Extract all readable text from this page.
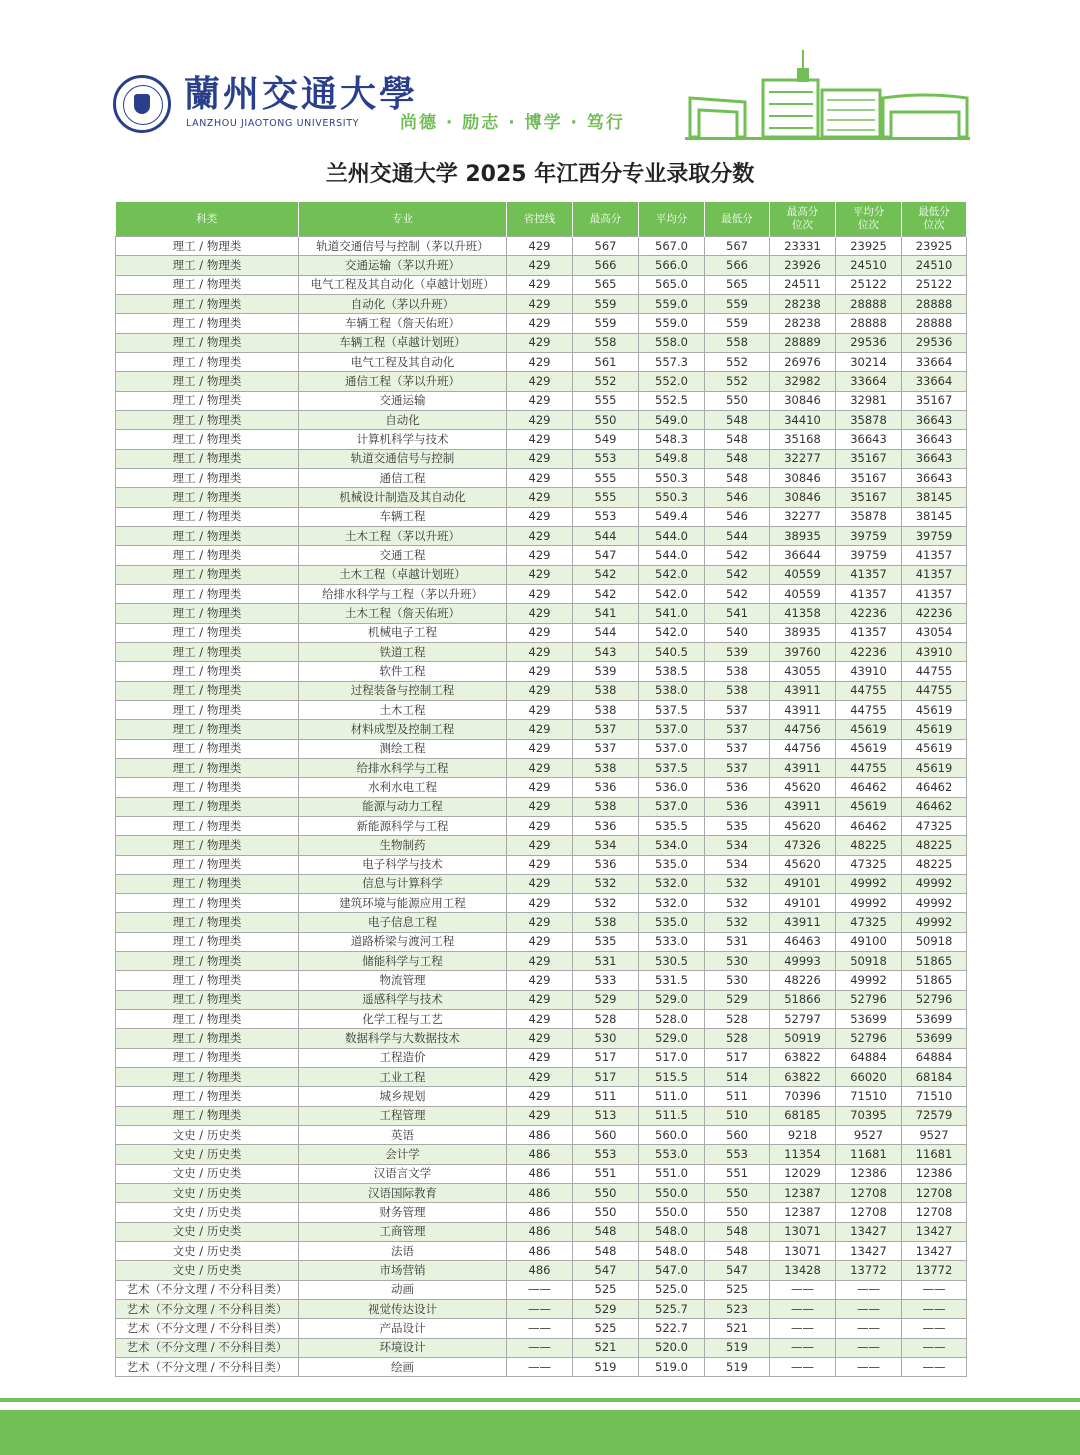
蘭州交通大學
LANZHOU JIAOTONG UNIVERSITY 尚德 · 励志 · 博学 · 笃行
兰州交通大学 2025 年江西分专业录取分数
科类	专业	省控线	最高分	平均分	最低分	最高分位次	平均分位次	最低分位次
理工 / 物理类	轨道交通信号与控制（茅以升班）	429	567	567.0	567	23331	23925	23925
理工 / 物理类	交通运输（茅以升班）	429	566	566.0	566	23926	24510	24510
理工 / 物理类	电气工程及其自动化（卓越计划班）	429	565	565.0	565	24511	25122	25122
理工 / 物理类	自动化（茅以升班）	429	559	559.0	559	28238	28888	28888
理工 / 物理类	车辆工程（詹天佑班）	429	559	559.0	559	28238	28888	28888
理工 / 物理类	车辆工程（卓越计划班）	429	558	558.0	558	28889	29536	29536
理工 / 物理类	电气工程及其自动化	429	561	557.3	552	26976	30214	33664
理工 / 物理类	通信工程（茅以升班）	429	552	552.0	552	32982	33664	33664
理工 / 物理类	交通运输	429	555	552.5	550	30846	32981	35167
理工 / 物理类	自动化	429	550	549.0	548	34410	35878	36643
理工 / 物理类	计算机科学与技术	429	549	548.3	548	35168	36643	36643
理工 / 物理类	轨道交通信号与控制	429	553	549.8	548	32277	35167	36643
理工 / 物理类	通信工程	429	555	550.3	548	30846	35167	36643
理工 / 物理类	机械设计制造及其自动化	429	555	550.3	546	30846	35167	38145
理工 / 物理类	车辆工程	429	553	549.4	546	32277	35878	38145
理工 / 物理类	土木工程（茅以升班）	429	544	544.0	544	38935	39759	39759
理工 / 物理类	交通工程	429	547	544.0	542	36644	39759	41357
理工 / 物理类	土木工程（卓越计划班）	429	542	542.0	542	40559	41357	41357
理工 / 物理类	给排水科学与工程（茅以升班）	429	542	542.0	542	40559	41357	41357
理工 / 物理类	土木工程（詹天佑班）	429	541	541.0	541	41358	42236	42236
理工 / 物理类	机械电子工程	429	544	542.0	540	38935	41357	43054
理工 / 物理类	铁道工程	429	543	540.5	539	39760	42236	43910
理工 / 物理类	软件工程	429	539	538.5	538	43055	43910	44755
理工 / 物理类	过程装备与控制工程	429	538	538.0	538	43911	44755	44755
理工 / 物理类	土木工程	429	538	537.5	537	43911	44755	45619
理工 / 物理类	材料成型及控制工程	429	537	537.0	537	44756	45619	45619
理工 / 物理类	测绘工程	429	537	537.0	537	44756	45619	45619
理工 / 物理类	给排水科学与工程	429	538	537.5	537	43911	44755	45619
理工 / 物理类	水利水电工程	429	536	536.0	536	45620	46462	46462
理工 / 物理类	能源与动力工程	429	538	537.0	536	43911	45619	46462
理工 / 物理类	新能源科学与工程	429	536	535.5	535	45620	46462	47325
理工 / 物理类	生物制药	429	534	534.0	534	47326	48225	48225
理工 / 物理类	电子科学与技术	429	536	535.0	534	45620	47325	48225
理工 / 物理类	信息与计算科学	429	532	532.0	532	49101	49992	49992
理工 / 物理类	建筑环境与能源应用工程	429	532	532.0	532	49101	49992	49992
理工 / 物理类	电子信息工程	429	538	535.0	532	43911	47325	49992
理工 / 物理类	道路桥梁与渡河工程	429	535	533.0	531	46463	49100	50918
理工 / 物理类	储能科学与工程	429	531	530.5	530	49993	50918	51865
理工 / 物理类	物流管理	429	533	531.5	530	48226	49992	51865
理工 / 物理类	遥感科学与技术	429	529	529.0	529	51866	52796	52796
理工 / 物理类	化学工程与工艺	429	528	528.0	528	52797	53699	53699
理工 / 物理类	数据科学与大数据技术	429	530	529.0	528	50919	52796	53699
理工 / 物理类	工程造价	429	517	517.0	517	63822	64884	64884
理工 / 物理类	工业工程	429	517	515.5	514	63822	66020	68184
理工 / 物理类	城乡规划	429	511	511.0	511	70396	71510	71510
理工 / 物理类	工程管理	429	513	511.5	510	68185	70395	72579
文史 / 历史类	英语	486	560	560.0	560	9218	9527	9527
文史 / 历史类	会计学	486	553	553.0	553	11354	11681	11681
文史 / 历史类	汉语言文学	486	551	551.0	551	12029	12386	12386
文史 / 历史类	汉语国际教育	486	550	550.0	550	12387	12708	12708
文史 / 历史类	财务管理	486	550	550.0	550	12387	12708	12708
文史 / 历史类	工商管理	486	548	548.0	548	13071	13427	13427
文史 / 历史类	法语	486	548	548.0	548	13071	13427	13427
文史 / 历史类	市场营销	486	547	547.0	547	13428	13772	13772
艺术（不分文理 / 不分科目类）	动画	——	525	525.0	525	——	——	——
艺术（不分文理 / 不分科目类）	视觉传达设计	——	529	525.7	523	——	——	——
艺术（不分文理 / 不分科目类）	产品设计	——	525	522.7	521	——	——	——
艺术（不分文理 / 不分科目类）	环境设计	——	521	520.0	519	——	——	——
艺术（不分文理 / 不分科目类）	绘画	——	519	519.0	519	——	——	——
